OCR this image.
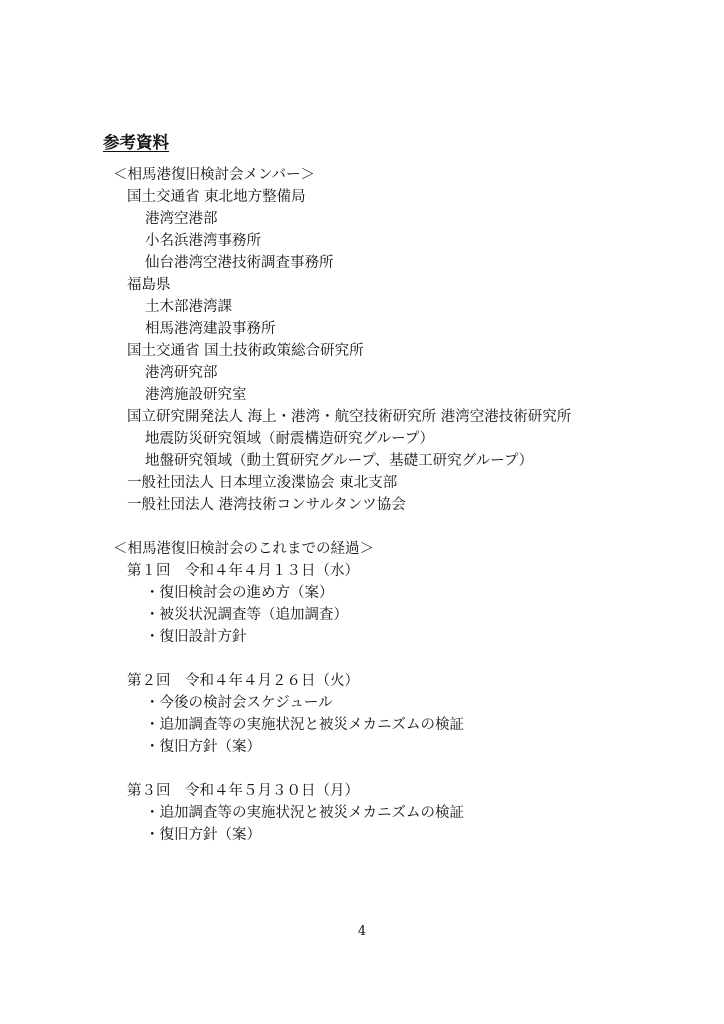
参考資料
＜相馬港復旧検討会メンバー＞
国土交通省 東北地方整備局
港湾空港部
小名浜港湾事務所
仙台港湾空港技術調査事務所
福島県
土木部港湾課
相馬港湾建設事務所
国土交通省 国土技術政策総合研究所
港湾研究部
港湾施設研究室
国立研究開発法人 海上・港湾・航空技術研究所 港湾空港技術研究所
地震防災研究領域（耐震構造研究グループ）
地盤研究領域（動土質研究グループ、基礎工研究グループ）
一般社団法人 日本埋立浚渫協会 東北支部
一般社団法人 港湾技術コンサルタンツ協会
＜相馬港復旧検討会のこれまでの経過＞
第１回　令和４年４月１３日（水）
・復旧検討会の進め方（案）
・被災状況調査等（追加調査）
・復旧設計方針
第２回　令和４年４月２６日（火）
・今後の検討会スケジュール
・追加調査等の実施状況と被災メカニズムの検証
・復旧方針（案）
第３回　令和４年５月３０日（月）
・追加調査等の実施状況と被災メカニズムの検証
・復旧方針（案）
4
